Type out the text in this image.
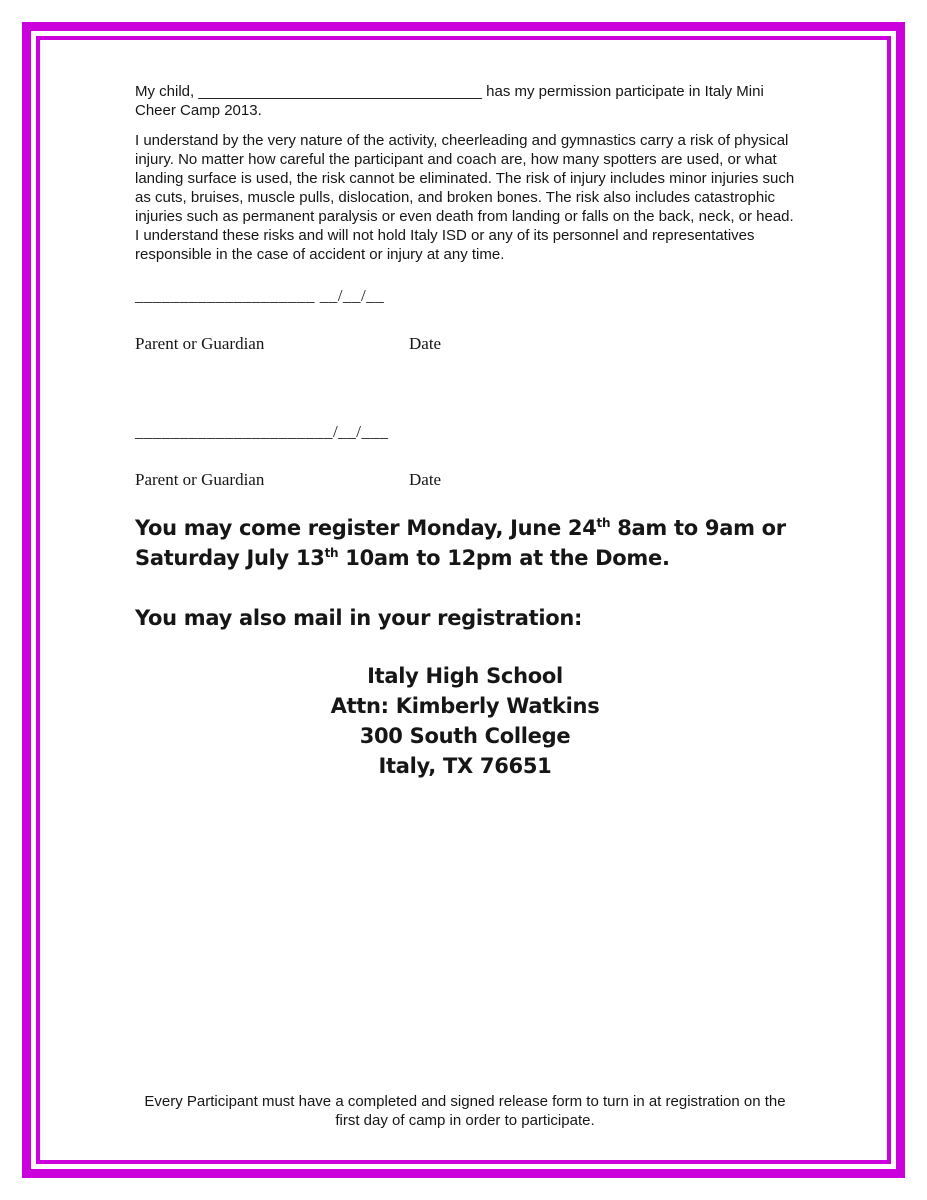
My child, __________________________________ has my permission participate in Italy Mini
Cheer Camp 2013.
I understand by the very nature of the activity, cheerleading and gymnastics carry a risk of physical injury. No matter how careful the participant and coach are, how many spotters are used, or what landing surface is used, the risk cannot be eliminated. The risk of injury includes minor injuries such as cuts, bruises, muscle pulls, dislocation, and broken bones. The risk also includes catastrophic injuries such as permanent paralysis or even death from landing or falls on the back, neck, or head. I understand these risks and will not hold Italy ISD or any of its personnel and representatives responsible in the case of accident or injury at any time.
____________________ __/__/__
Parent or Guardian	Date
______________________/__/___
Parent or Guardian	Date
You may come register Monday, June 24th 8am to 9am or
Saturday July 13th 10am to 12pm at the Dome.
You may also mail in your registration:
Italy High School
Attn: Kimberly Watkins
300 South College
Italy, TX 76651
Every Participant must have a completed and signed release form to turn in at registration on the
first day of camp in order to participate.
